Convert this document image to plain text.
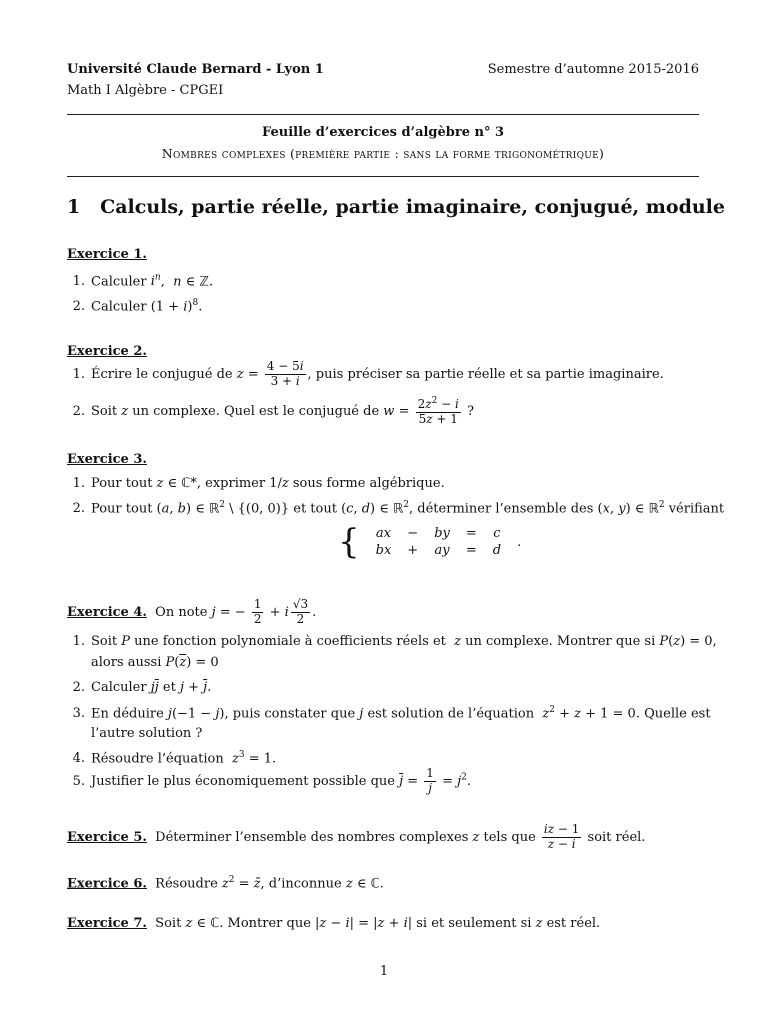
Université Claude Bernard - Lyon 1
Math I Algèbre - CPGEI
Semestre d’automne 2015-2016
Feuille d’exercices d’algèbre n° 3
Nombres complexes (première partie : sans la forme trigonométrique)
1 Calculs, partie réelle, partie imaginaire, conjugué, module
Exercice 1.
1. Calculer $i^n$,  n ∈ ℤ.
2. Calculer $(1 + i)^8$.
Exercice 2.
1. Écrire le conjugué de $z = \frac{4 - 5i}{3 + i}$ , puis préciser sa partie réelle et sa partie imaginaire.
2. Soit z un complexe. Quel est le conjugué de $w = \frac{2z^2 - i}{5z + 1}$ ?
Exercice 3.
1. Pour tout z ∈ ℂ*, exprimer 1/z sous forme algébrique.
2. Pour tout (a, b) ∈ ℝ$^2$ \ {(0, 0)} et tout (c, d) ∈ ℝ$^2$, déterminer l’ensemble des (x, y) ∈ ℝ$^2$ vérifiant
{	ax	−	by	=	c	.
	bx	+	ay	=	d	
Exercice 4.  On note j = − $\frac{1}{2} + i \frac{√3}{2}$ .
1. Soit P une fonction polynomiale à coefficients réels et  z un complexe. Montrer que si P(z) = 0,
alors aussi $P(\overline{z}) = 0$
2. Calculer $j\overline{j}$ et $j + \overline{j}$.
3. En déduire j(−1 − j), puis constater que j est solution de l’équation  $z^2 + z + 1 = 0$. Quelle est
l’autre solution ?
4. Résoudre l’équation  $z^3 = 1$.
5. Justifier le plus économiquement possible que $\overline{j} = \frac{1}{j} = j^2$.
Exercice 5.  Déterminer l’ensemble des nombres complexes z tels que $\frac{iz - 1}{z - i}$ soit réel.
Exercice 6.  Résoudre $z^2$ = z̄, d’inconnue z ∈ ℂ.
Exercice 7.  Soit z ∈ ℂ. Montrer que |z − i| = |z + i| si et seulement si z est réel.
1
